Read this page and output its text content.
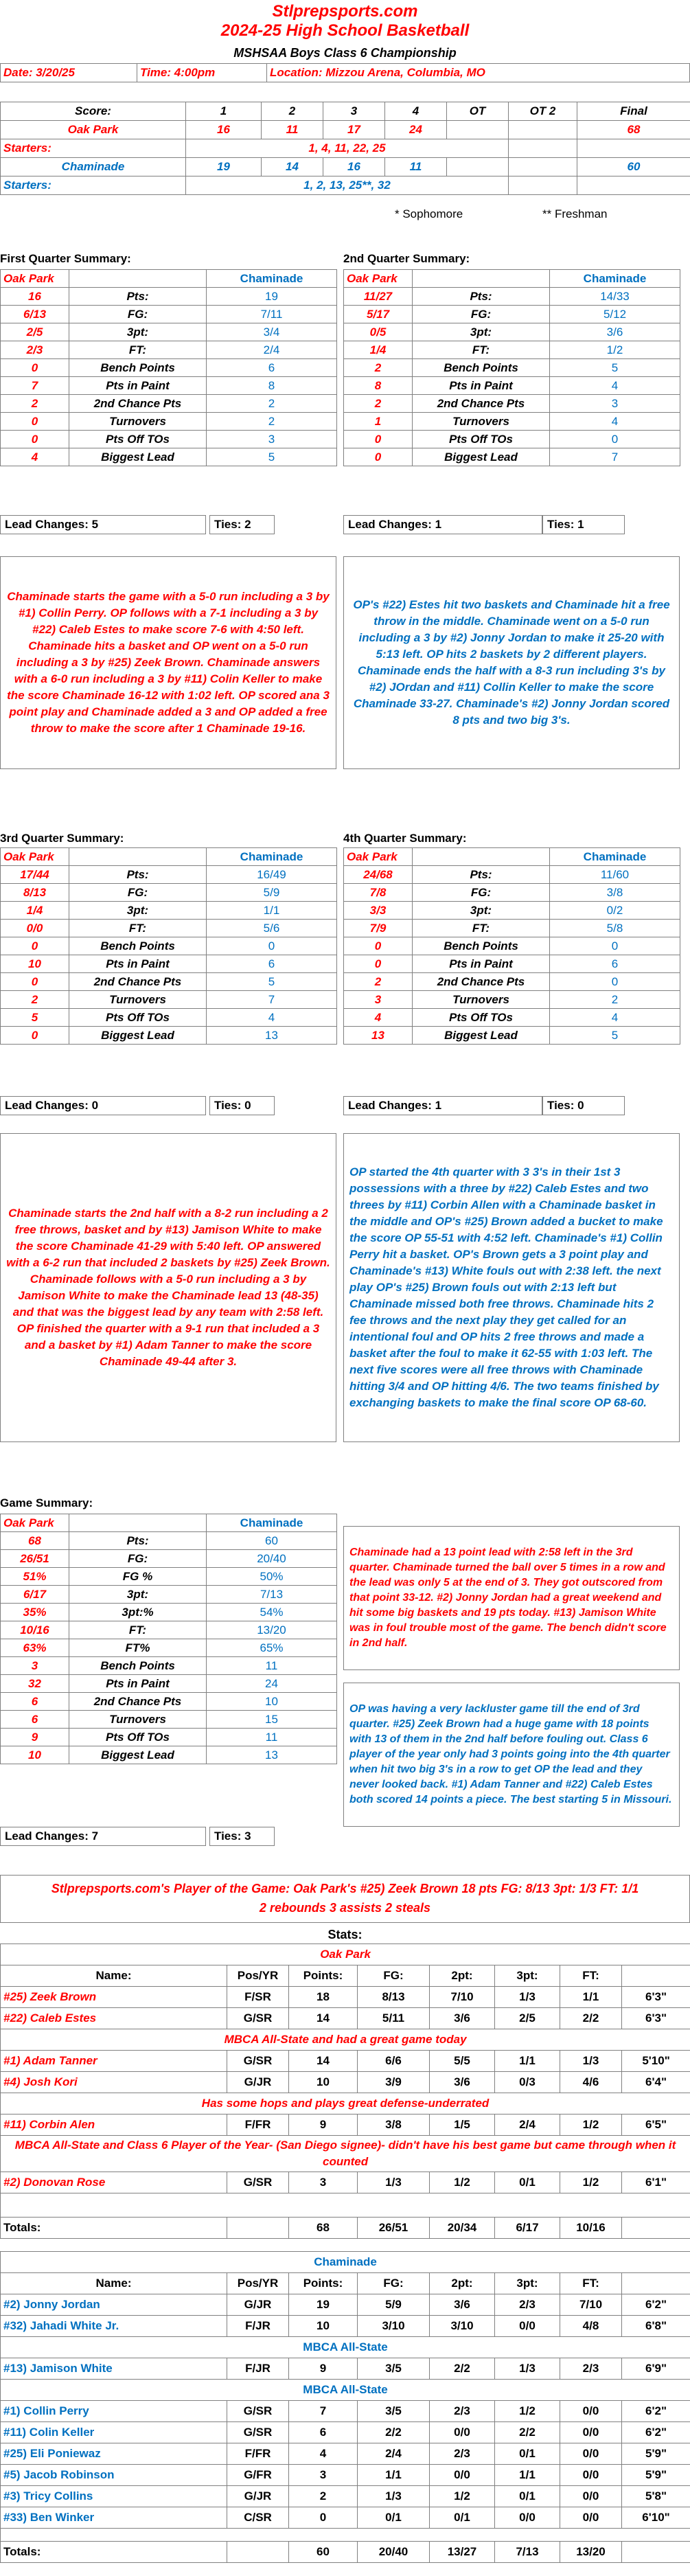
Stlprepsports.com
2024-25 High School Basketball
MSHSAA Boys Class 6 Championship
Date: 3/20/25	Time: 4:00pm	Location: Mizzou Arena, Columbia, MO
Score:	1	2	3	4	OT	OT 2	Final
Oak Park	16	11	17	24			68
Starters:	1, 4, 11, 22, 25						
Chaminade	19	14	16	11			60
Starters:	1, 2, 13, 25**, 32						
* Sophomore	** Freshman
First Quarter Summary:
Oak Park		Chaminade
16	Pts:	19
6/13	FG:	7/11
2/5	3pt:	3/4
2/3	FT:	2/4
0	Bench Points	6
7	Pts in Paint	8
2	2nd Chance Pts	2
0	Turnovers	2
0	Pts Off TOs	3
4	Biggest Lead	5
Lead Changes: 5	Ties: 2
Chaminade starts the game with a 5-0 run including a 3 by #1) Collin Perry. OP follows with a 7-1 including a 3 by #22) Caleb Estes to make score 7-6 with 4:50 left. Chaminade hits a basket and OP went on a 5-0 run including a 3 by #25) Zeek Brown. Chaminade answers with a 6-0 run including a 3 by #11) Colin Keller to make the score Chaminade 16-12 with 1:02 left. OP scored ana 3 point play and Chaminade added a 3 and OP added a free throw to make the score after 1 Chaminade 19-16.
2nd Quarter Summary:
Oak Park		Chaminade
11/27	Pts:	14/33
5/17	FG:	5/12
0/5	3pt:	3/6
1/4	FT:	1/2
2	Bench Points	5
8	Pts in Paint	4
2	2nd Chance Pts	3
1	Turnovers	4
0	Pts Off TOs	0
0	Biggest Lead	7
Lead Changes: 1	Ties: 1
OP's #22) Estes hit two baskets and Chaminade hit a free throw in the middle. Chaminade went on a 5-0 run including a 3 by #2) Jonny Jordan to make it 25-20 with 5:13 left. OP hits 2 baskets by 2 different players. Chaminade ends the half with a 8-3 run including 3's by #2) JOrdan and #11) Collin Keller to make the score Chaminade 33-27. Chaminade's #2) Jonny Jordan scored 8 pts and two big 3's.
3rd Quarter Summary:
Oak Park		Chaminade
17/44	Pts:	16/49
8/13	FG:	5/9
1/4	3pt:	1/1
0/0	FT:	5/6
0	Bench Points	0
10	Pts in Paint	6
0	2nd Chance Pts	5
2	Turnovers	7
5	Pts Off TOs	4
0	Biggest Lead	13
Lead Changes: 0	Ties: 0
Chaminade starts the 2nd half with a 8-2 run including a 2 free throws, basket and by #13) Jamison White to make the score Chaminade 41-29 with 5:40 left. OP answered with a 6-2 run that included 2 baskets by #25) Zeek Brown. Chaminade follows with a 5-0 run including a 3 by Jamison White to make the Chaminade lead 13 (48-35) and that was the biggest lead by any team with 2:58 left. OP finished the quarter with a 9-1 run that included a 3 and a basket by #1) Adam Tanner to make the score Chaminade 49-44 after 3.
4th Quarter Summary:
Oak Park		Chaminade
24/68	Pts:	11/60
7/8	FG:	3/8
3/3	3pt:	0/2
7/9	FT:	5/8
0	Bench Points	0
0	Pts in Paint	6
2	2nd Chance Pts	0
3	Turnovers	2
4	Pts Off TOs	4
13	Biggest Lead	5
Lead Changes: 1	Ties: 0
OP started the 4th quarter with 3 3's in their 1st 3 possessions with a three by #22) Caleb Estes and two threes by #11) Corbin Allen with a Chaminade basket in the middle and OP's #25) Brown added a bucket to make the score OP 55-51 with 4:52 left. Chaminade's #1) Collin Perry hit a basket. OP's Brown gets a 3 point play and Chaminade's #13) White fouls out with 2:38 left. the next play OP's #25) Brown fouls out with 2:13 left but Chaminade missed both free throws. Chaminade hits 2 fee throws and the next play they get called for an intentional foul and OP hits 2 free throws and made a basket after the foul to make it 62-55 with 1:03 left. The next five scores were all free throws with Chaminade hitting 3/4 and OP hitting 4/6. The two teams finished by exchanging baskets to make the final score OP 68-60.
Game Summary:
Oak Park		Chaminade
68	Pts:	60
26/51	FG:	20/40
51%	FG %	50%
6/17	3pt:	7/13
35%	3pt:%	54%
10/16	FT:	13/20
63%	FT%	65%
3	Bench Points	11
32	Pts in Paint	24
6	2nd Chance Pts	10
6	Turnovers	15
9	Pts Off TOs	11
10	Biggest Lead	13
Lead Changes: 7	Ties: 3
Chaminade had a 13 point lead with 2:58 left in the 3rd quarter. Chaminade turned the ball over 5 times in a row and the lead was only 5 at the end of 3. They got outscored from that point 33-12. #2) Jonny Jordan had a great weekend and hit some big baskets and 19 pts today. #13) Jamison White was in foul trouble most of the game. The bench didn't score in 2nd half.
OP was having a very lackluster game till the end of 3rd quarter. #25) Zeek Brown had a huge game with 18 points with 13 of them in the 2nd half before fouling out. Class 6 player of the year only had 3 points going into the 4th quarter when hit two big 3's in a row to get OP the lead and they never looked back. #1) Adam Tanner and #22) Caleb Estes both scored 14 points a piece. The best starting 5 in Missouri.
Stlprepsports.com's Player of the Game: Oak Park's #25) Zeek Brown 18 pts FG: 8/13 3pt: 1/3 FT: 1/1
2 rebounds 3 assists 2 steals
Stats:
Oak Park							
Name:	Pos/YR	Points:	FG:	2pt:	3pt:	FT:	
#25) Zeek Brown	F/SR	18	8/13	7/10	1/3	1/1	6'3"
#22) Caleb Estes	G/SR	14	5/11	3/6	2/5	2/2	6'3"
MBCA All-State and had a great game today							
#1) Adam Tanner	G/SR	14	6/6	5/5	1/1	1/3	5'10"
#4) Josh Kori	G/JR	10	3/9	3/6	0/3	4/6	6'4"
Has some hops and plays great defense-underrated							
#11) Corbin Alen	F/FR	9	3/8	1/5	2/4	1/2	6'5"
MBCA All-State and Class 6 Player of the Year- (San Diego signee)- didn't have his best game but came through when it counted							
#2) Donovan Rose	G/SR	3	1/3	1/2	0/1	1/2	6'1"

Totals:		68	26/51	20/34	6/17	10/16	
Chaminade							
Name:	Pos/YR	Points:	FG:	2pt:	3pt:	FT:	
#2) Jonny Jordan	G/JR	19	5/9	3/6	2/3	7/10	6'2"
#32) Jahadi White Jr.	F/JR	10	3/10	3/10	0/0	4/8	6'8"
MBCA All-State							
#13) Jamison White	F/JR	9	3/5	2/2	1/3	2/3	6'9"
MBCA All-State							
#1) Collin Perry	G/SR	7	3/5	2/3	1/2	0/0	6'2"
#11) Colin Keller	G/SR	6	2/2	0/0	2/2	0/0	6'2"
#25) Eli Poniewaz	F/FR	4	2/4	2/3	0/1	0/0	5'9"
#5) Jacob Robinson	G/FR	3	1/1	0/0	1/1	0/0	5'9"
#3) Tricy Collins	G/JR	2	1/3	1/2	0/1	0/0	5'8"
#33) Ben Winker	C/SR	0	0/1	0/1	0/0	0/0	6'10"

Totals:		60	20/40	13/27	7/13	13/20	
